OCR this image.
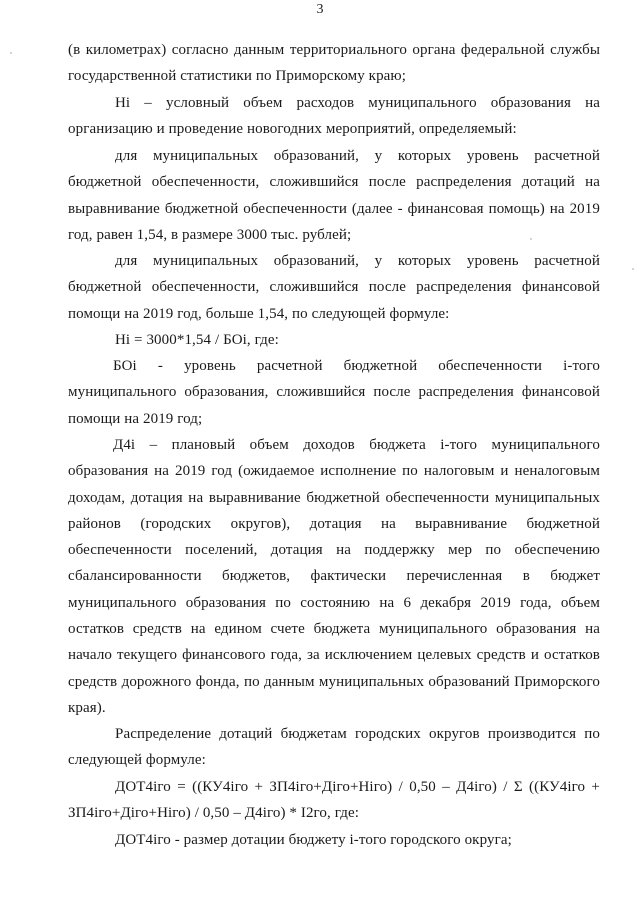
3

(в километрах) согласно данным территориального органа федеральной службы государственной статистики по Приморскому краю;

Hi – условный объем расходов муниципального образования на организацию и проведение новогодних мероприятий, определяемый:

для муниципальных образований, у которых уровень расчетной бюджетной обеспеченности, сложившийся после распределения дотаций на выравнивание бюджетной обеспеченности (далее - финансовая помощь) на 2019 год, равен 1,54, в размере 3000 тыс. рублей;

для муниципальных образований, у которых уровень расчетной бюджетной обеспеченности, сложившийся после распределения финансовой помощи на 2019 год, больше 1,54, по следующей формуле:

Hi = 3000*1,54 / БОi, где:

БОi - уровень расчетной бюджетной обеспеченности i-того муниципального образования, сложившийся после распределения финансовой помощи на 2019 год;

Д4i – плановый объем доходов бюджета i-того муниципального образования на 2019 год (ожидаемое исполнение по налоговым и неналоговым доходам, дотация на выравнивание бюджетной обеспеченности муниципальных районов (городских округов), дотация на выравнивание бюджетной обеспеченности поселений, дотация на поддержку мер по обеспечению сбалансированности бюджетов, фактически перечисленная в бюджет муниципального образования по состоянию на 6 декабря 2019 года, объем остатков средств на едином счете бюджета муниципального образования на начало текущего финансового года, за исключением целевых средств и остатков средств дорожного фонда, по данным муниципальных образований Приморского края).

Распределение дотаций бюджетам городских округов производится по следующей формуле:

ДОТ4iго = ((КУ4iго + ЗП4iго+Дiго+Hiго) / 0,50 – Д4iго) / Σ ((КУ4iго + ЗП4iго+Дiго+Hiго) / 0,50 – Д4iго) * I2го, где:

ДОТ4iго - размер дотации бюджету i-того городского округа;
